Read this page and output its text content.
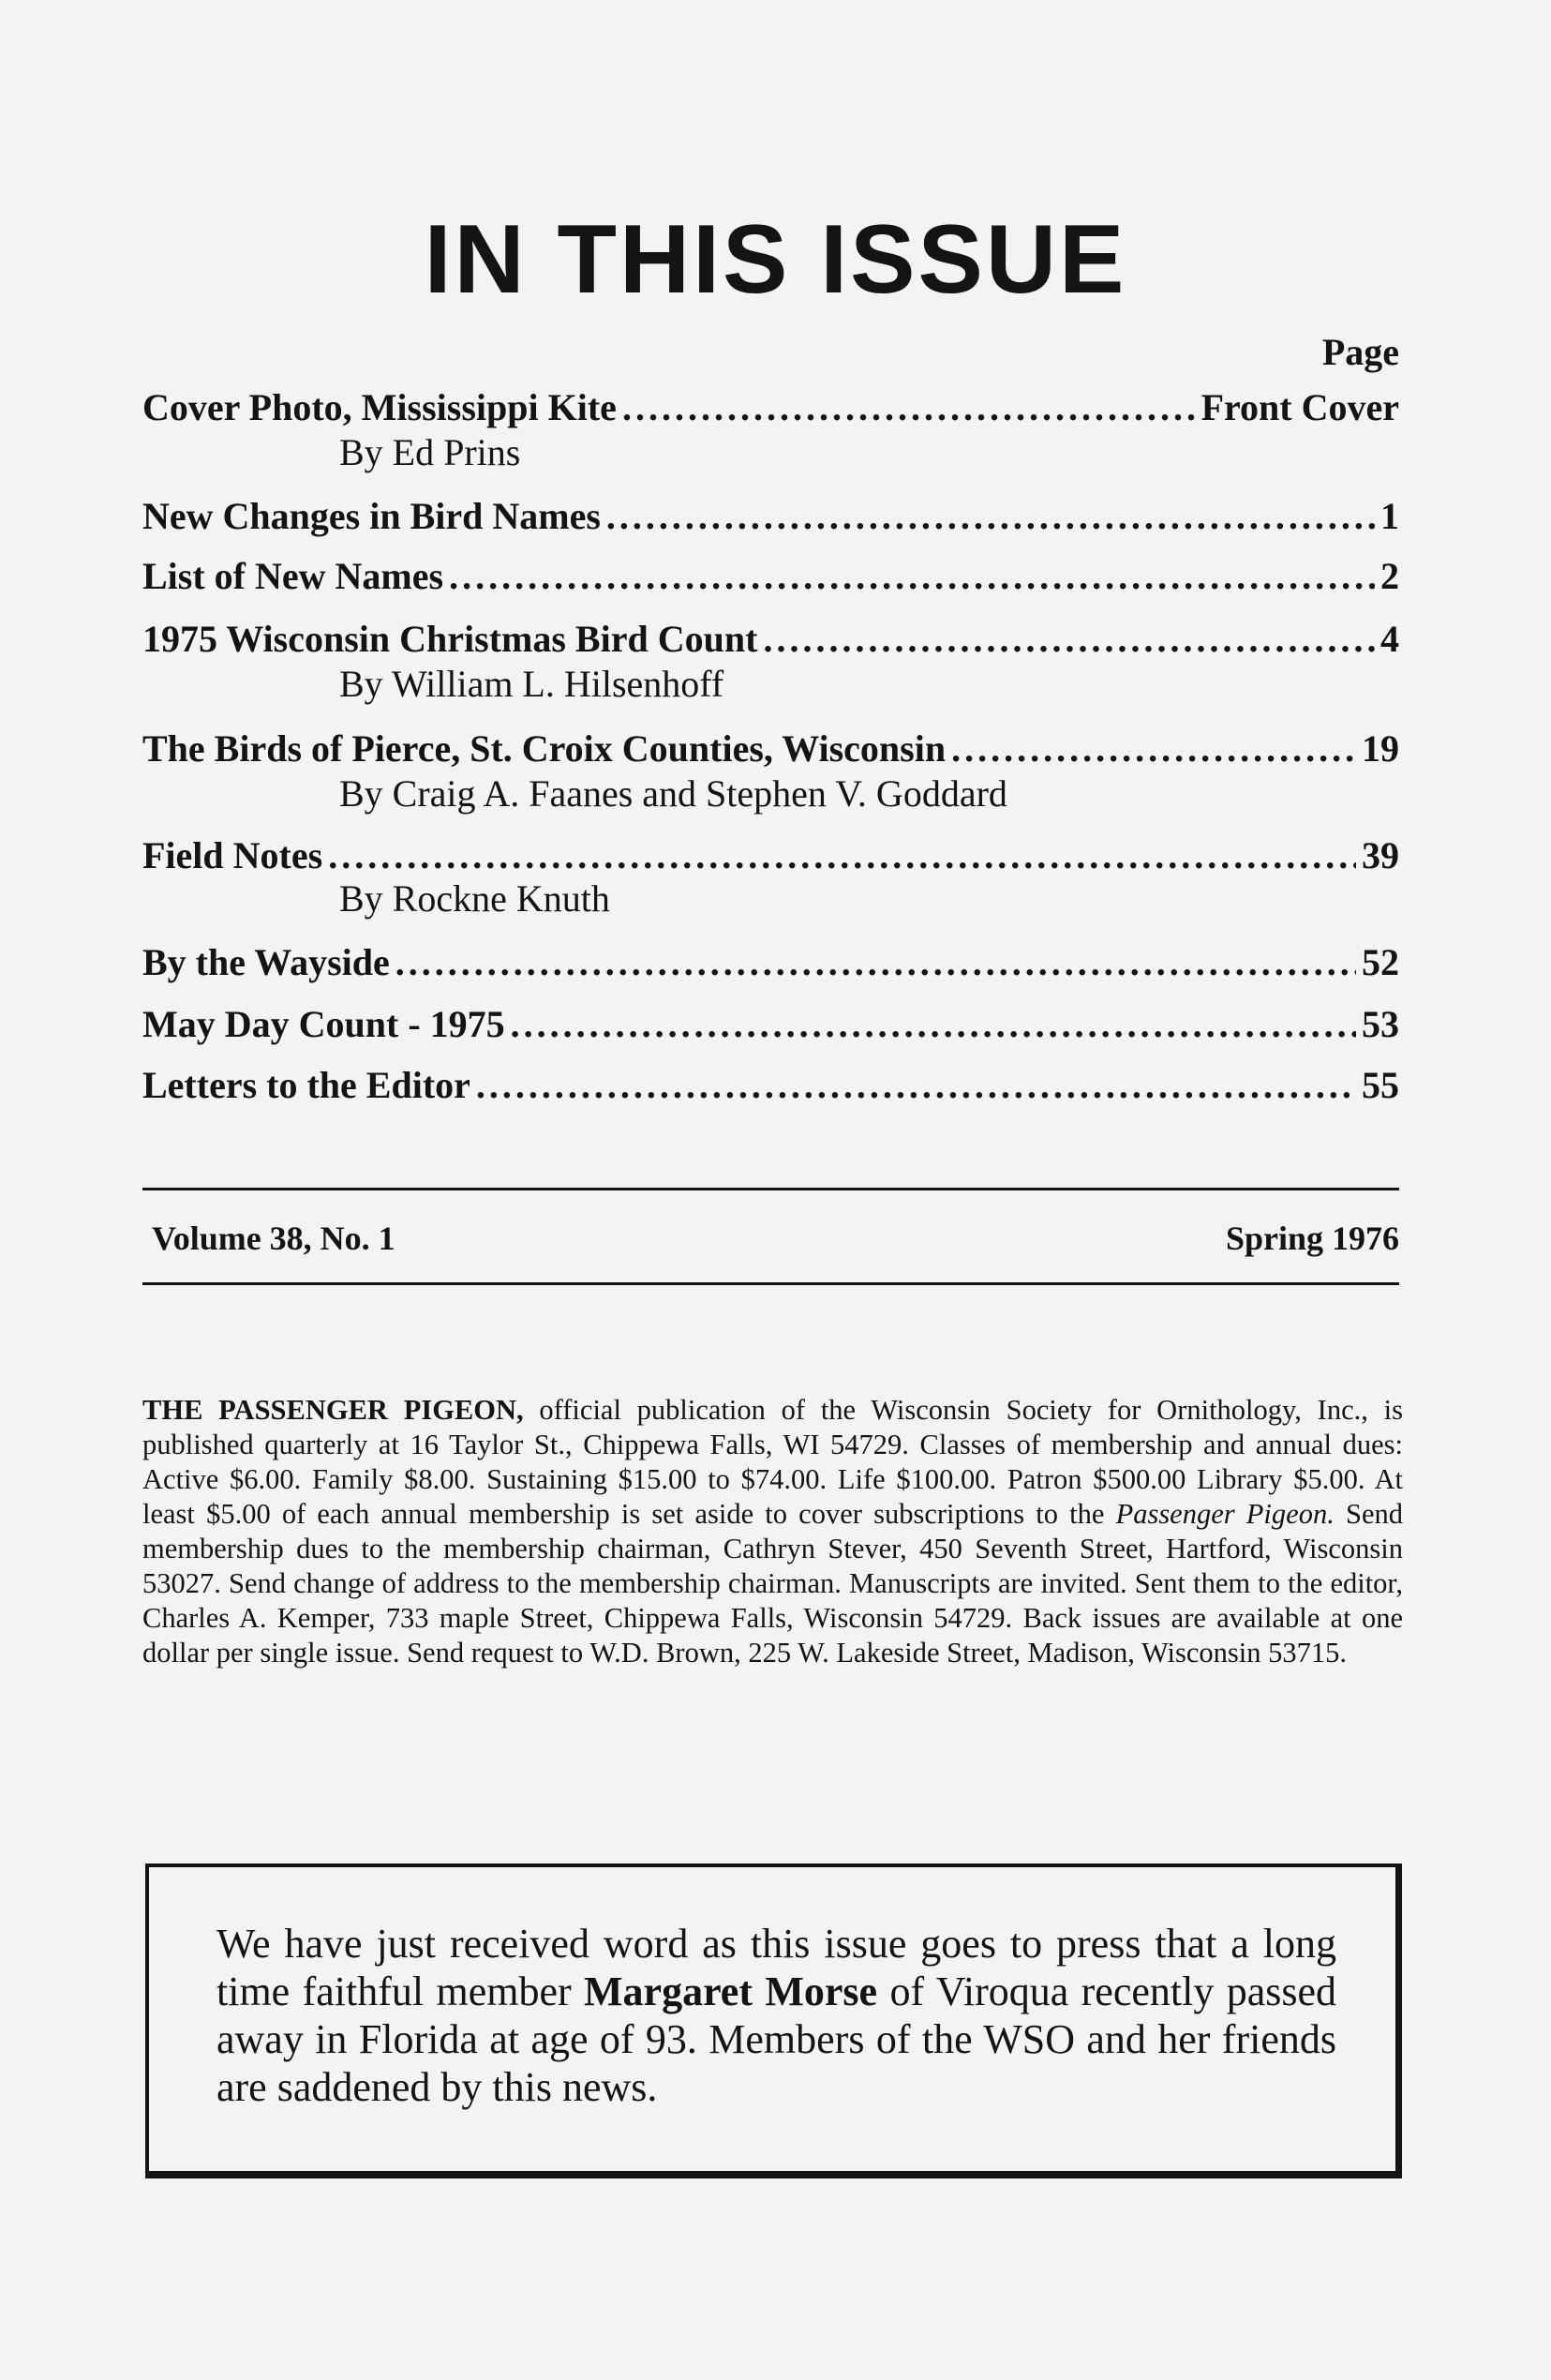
IN THIS ISSUE
Page
Cover Photo, Mississippi Kite .....	Front Cover
By Ed Prins
New Changes in Bird Names .....	1
List of New Names .....	2
1975 Wisconsin Christmas Bird Count .....	4
By William L. Hilsenhoff
The Birds of Pierce, St. Croix Counties, Wisconsin .....	19
By Craig A. Faanes and Stephen V. Goddard
Field Notes .....	39
By Rockne Knuth
By the Wayside .....	52
May Day Count - 1975 .....	53
Letters to the Editor .....	55
Volume 38, No. 1	Spring 1976
THE PASSENGER PIGEON, official publication of the Wisconsin Society for Ornithology, Inc., is published quarterly at 16 Taylor St., Chippewa Falls, WI 54729. Classes of membership and annual dues: Active $6.00. Family $8.00. Sustaining $15.00 to $74.00. Life $100.00. Patron $500.00 Library $5.00. At least $5.00 of each annual membership is set aside to cover subscriptions to the Passenger Pigeon. Send membership dues to the membership chairman, Cathryn Stever, 450 Seventh Street, Hartford, Wisconsin 53027. Send change of address to the membership chairman. Manuscripts are invited. Sent them to the editor, Charles A. Kemper, 733 maple Street, Chippewa Falls, Wisconsin 54729. Back issues are available at one dollar per single issue. Send request to W.D. Brown, 225 W. Lakeside Street, Madison, Wisconsin 53715.
We have just received word as this issue goes to press that a long time faithful member Margaret Morse of Viroqua recently passed away in Florida at age of 93. Members of the WSO and her friends are saddened by this news.
